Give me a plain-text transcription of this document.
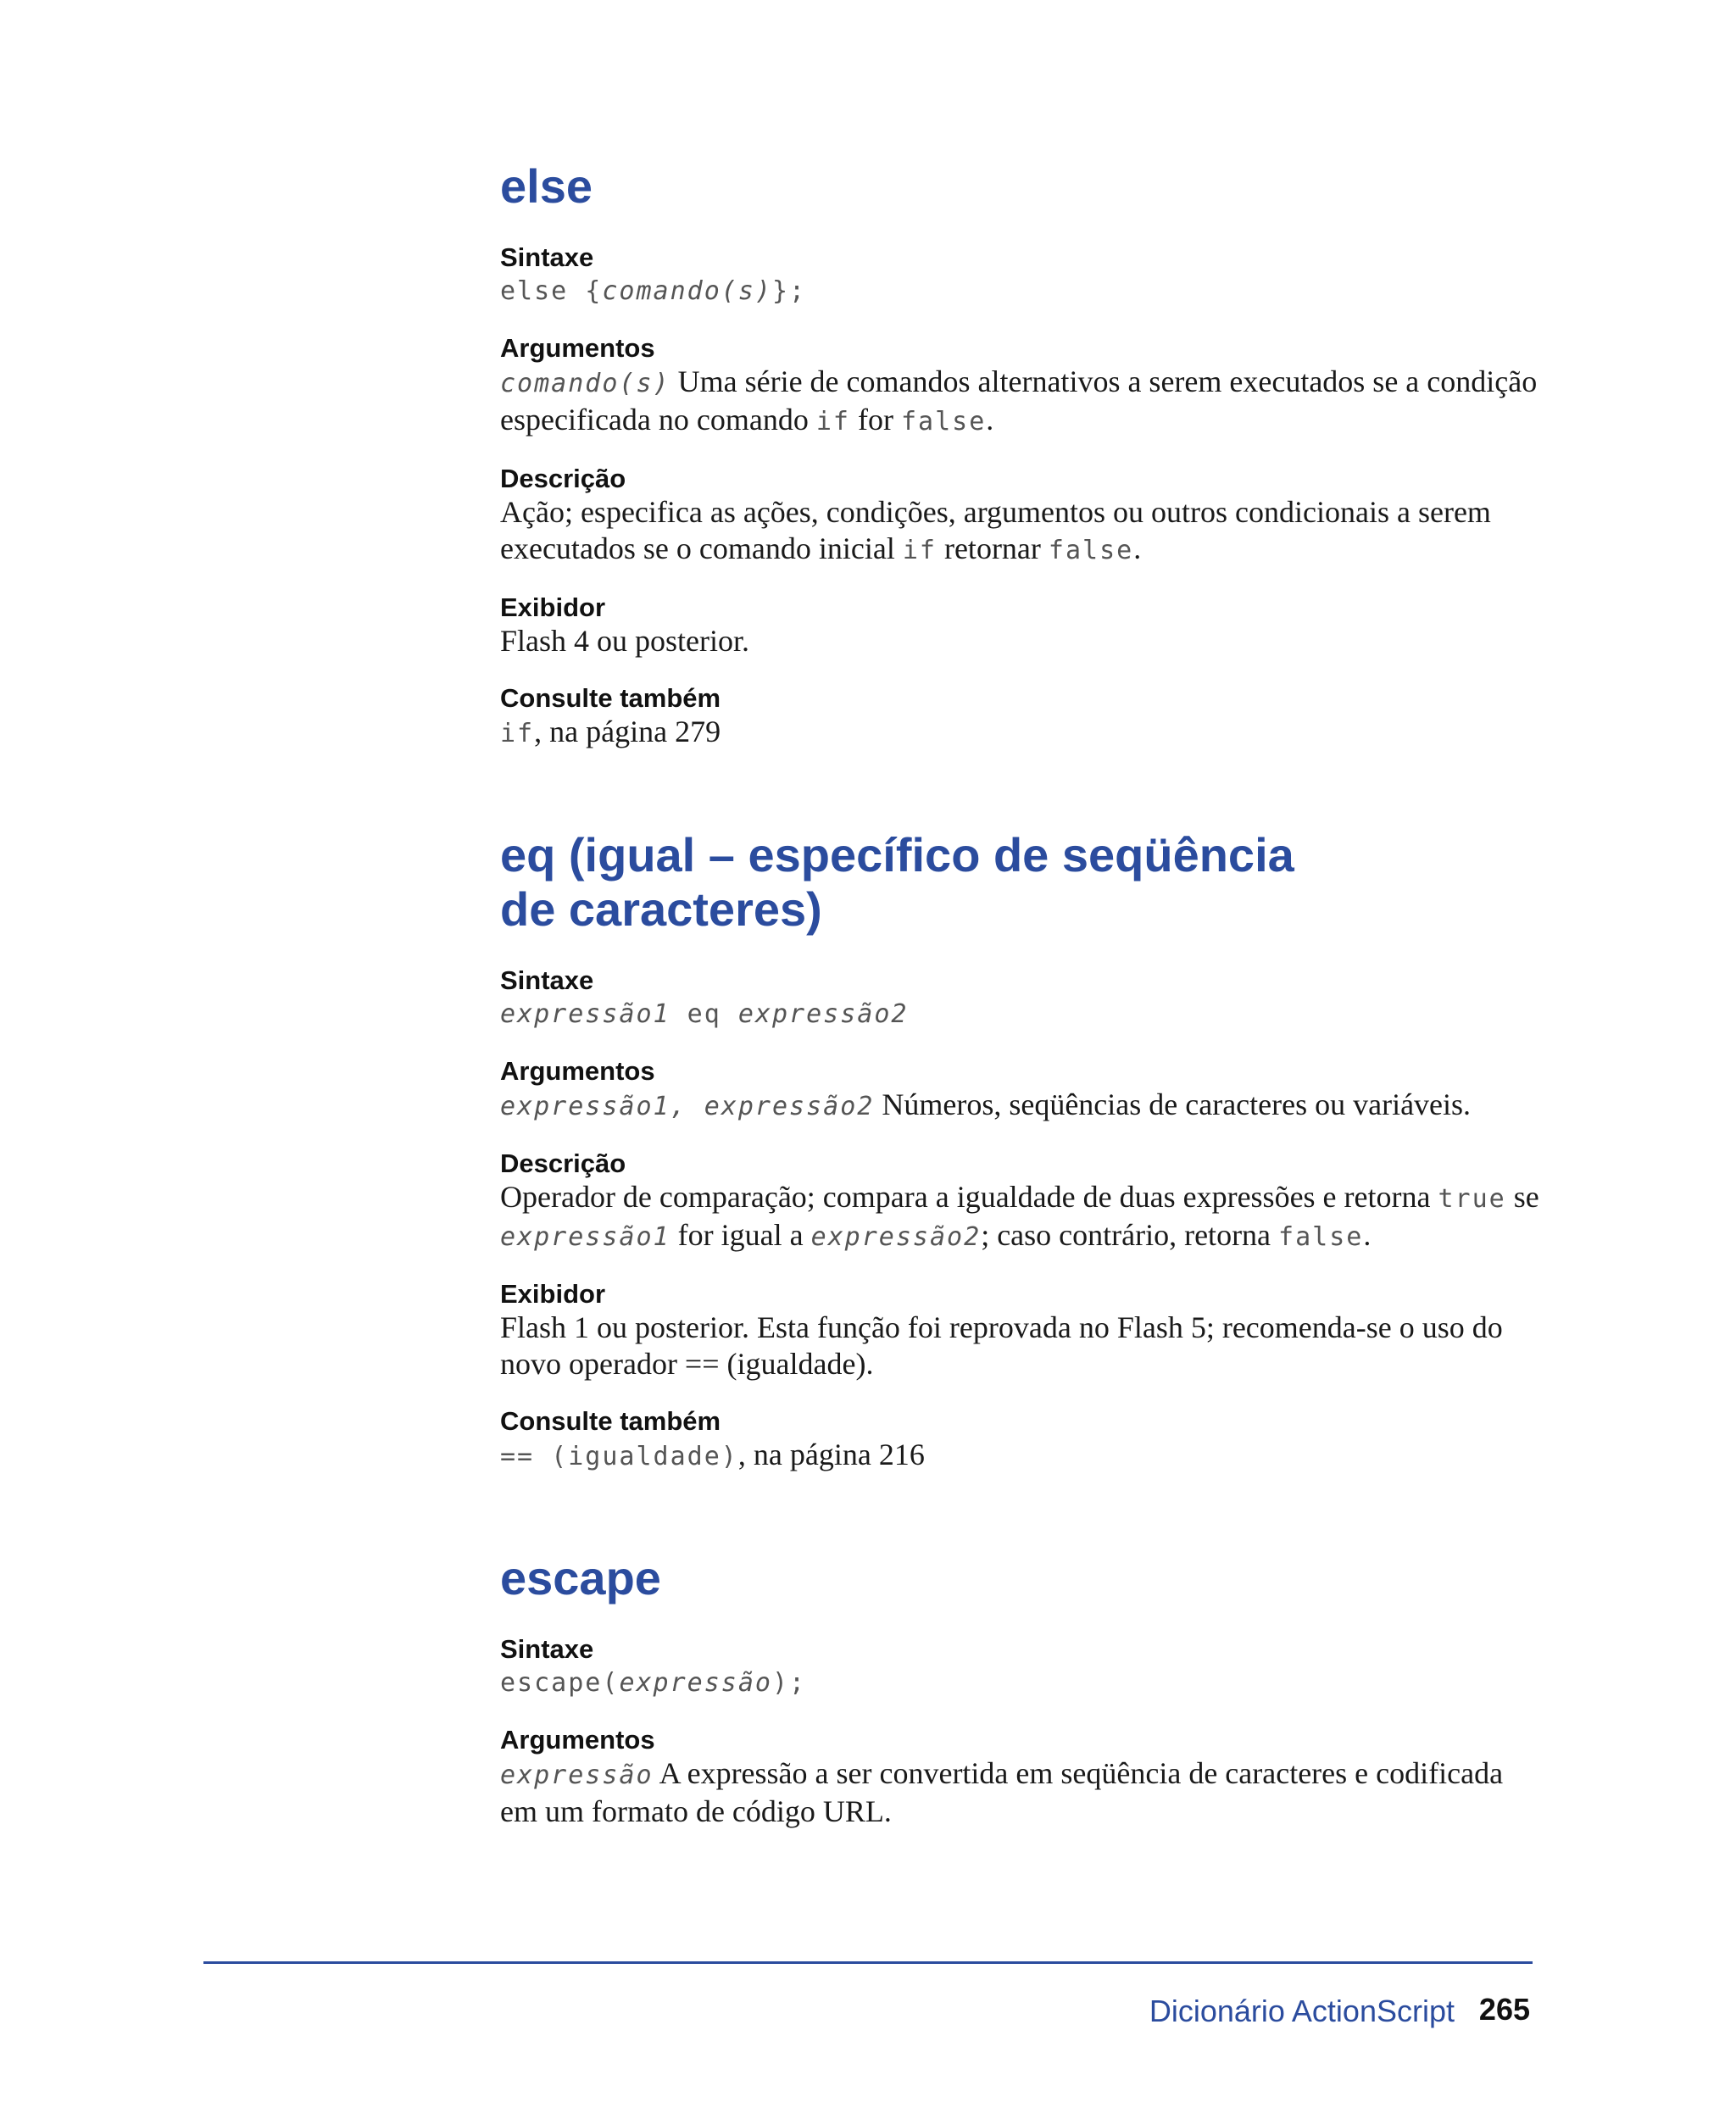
else

Sintaxe

else {comando(s)};

Argumentos

comando(s) Uma série de comandos alternativos a serem executados se a condição especificada no comando if for false.

Descrição

Ação; especifica as ações, condições, argumentos ou outros condicionais a serem executados se o comando inicial if retornar false.

Exibidor

Flash 4 ou posterior.

Consulte também

if, na página 279

eq (igual – específico de seqüência
de caracteres)

Sintaxe

expressão1 eq expressão2

Argumentos

expressão1, expressão2 Números, seqüências de caracteres ou variáveis.

Descrição

Operador de comparação; compara a igualdade de duas expressões e retorna true se expressão1 for igual a expressão2; caso contrário, retorna false.

Exibidor

Flash 1 ou posterior. Esta função foi reprovada no Flash 5; recomenda-se o uso do novo operador == (igualdade).

Consulte também

== (igualdade), na página 216

escape

Sintaxe

escape(expressão);

Argumentos

expressão A expressão a ser convertida em seqüência de caracteres e codificada em um formato de código URL.

Dicionário ActionScript 265
